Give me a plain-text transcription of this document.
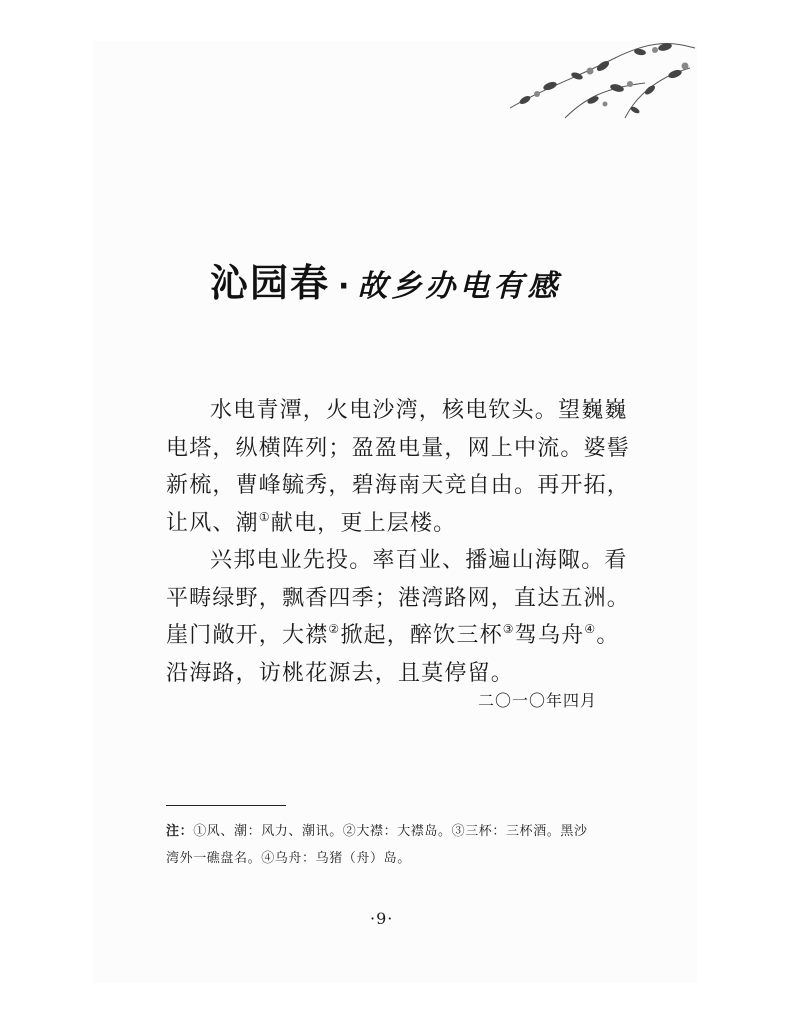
沁园春 · 故乡办电有感
水电青潭，火电沙湾，核电钦头。望巍巍
电塔，纵横阵列；盈盈电量，网上中流。婆髻
新梳，曹峰毓秀，碧海南天竞自由。再开拓，
让风、潮①献电，更上层楼。
兴邦电业先投。率百业、播遍山海陬。看
平畴绿野，飘香四季；港湾路网，直达五洲。
崖门敞开，大襟②掀起，醉饮三杯③驾乌舟④。
沿海路，访桃花源去，且莫停留。
二〇一〇年四月
注：①风、潮：风力、潮讯。②大襟：大襟岛。③三杯：三杯酒。黑沙
湾外一礁盘名。④乌舟：乌猪（舟）岛。
·9·
